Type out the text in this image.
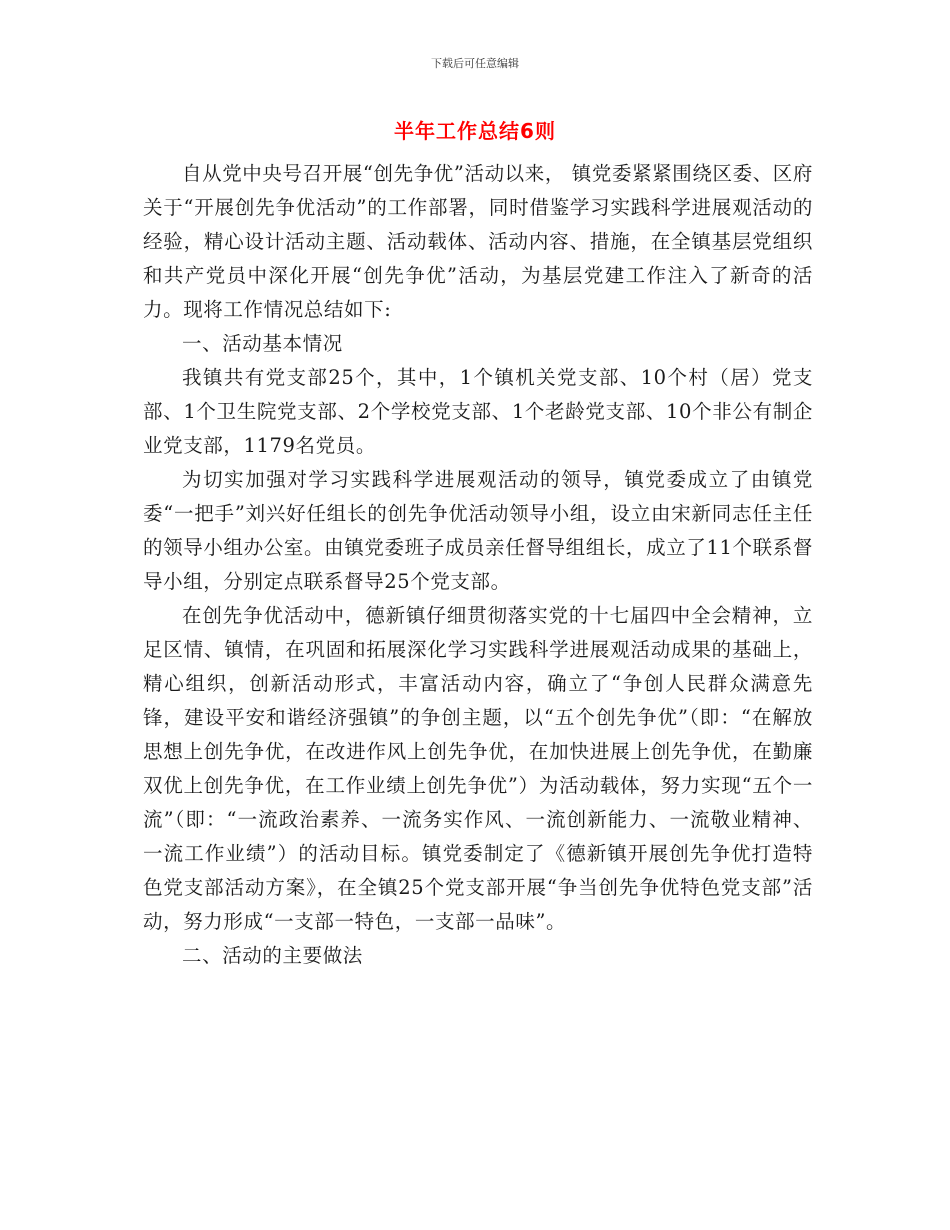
下载后可任意编辑
半年工作总结6则

自从党中央号召开展“创先争优”活动以来， 镇党委紧紧围绕区委、区府关于“开展创先争优活动”的工作部署，同时借鉴学习实践科学进展观活动的经验，精心设计活动主题、活动载体、活动内容、措施，在全镇基层党组织和共产党员中深化开展“创先争优”活动，为基层党建工作注入了新奇的活力。现将工作情况总结如下:

一、活动基本情况

我镇共有党支部25个，其中，1个镇机关党支部、10个村（居）党支部、1个卫生院党支部、2个学校党支部、1个老龄党支部、10个非公有制企业党支部，1179名党员。

为切实加强对学习实践科学进展观活动的领导，镇党委成立了由镇党委“一把手”刘兴好任组长的创先争优活动领导小组，设立由宋新同志任主任的领导小组办公室。由镇党委班子成员亲任督导组组长，成立了11个联系督导小组，分别定点联系督导25个党支部。

在创先争优活动中，德新镇仔细贯彻落实党的十七届四中全会精神，立足区情、镇情，在巩固和拓展深化学习实践科学进展观活动成果的基础上，精心组织，创新活动形式，丰富活动内容，确立了“争创人民群众满意先锋，建设平安和谐经济强镇”的争创主题，以“五个创先争优”（即：“在解放思想上创先争优，在改进作风上创先争优，在加快进展上创先争优，在勤廉双优上创先争优，在工作业绩上创先争优”）为活动载体，努力实现“五个一流”（即：“一流政治素养、一流务实作风、一流创新能力、一流敬业精神、一流工作业绩”）的活动目标。镇党委制定了《德新镇开展创先争优打造特色党支部活动方案》，在全镇25个党支部开展“争当创先争优特色党支部”活动，努力形成“一支部一特色，一支部一品味”。

二、活动的主要做法
